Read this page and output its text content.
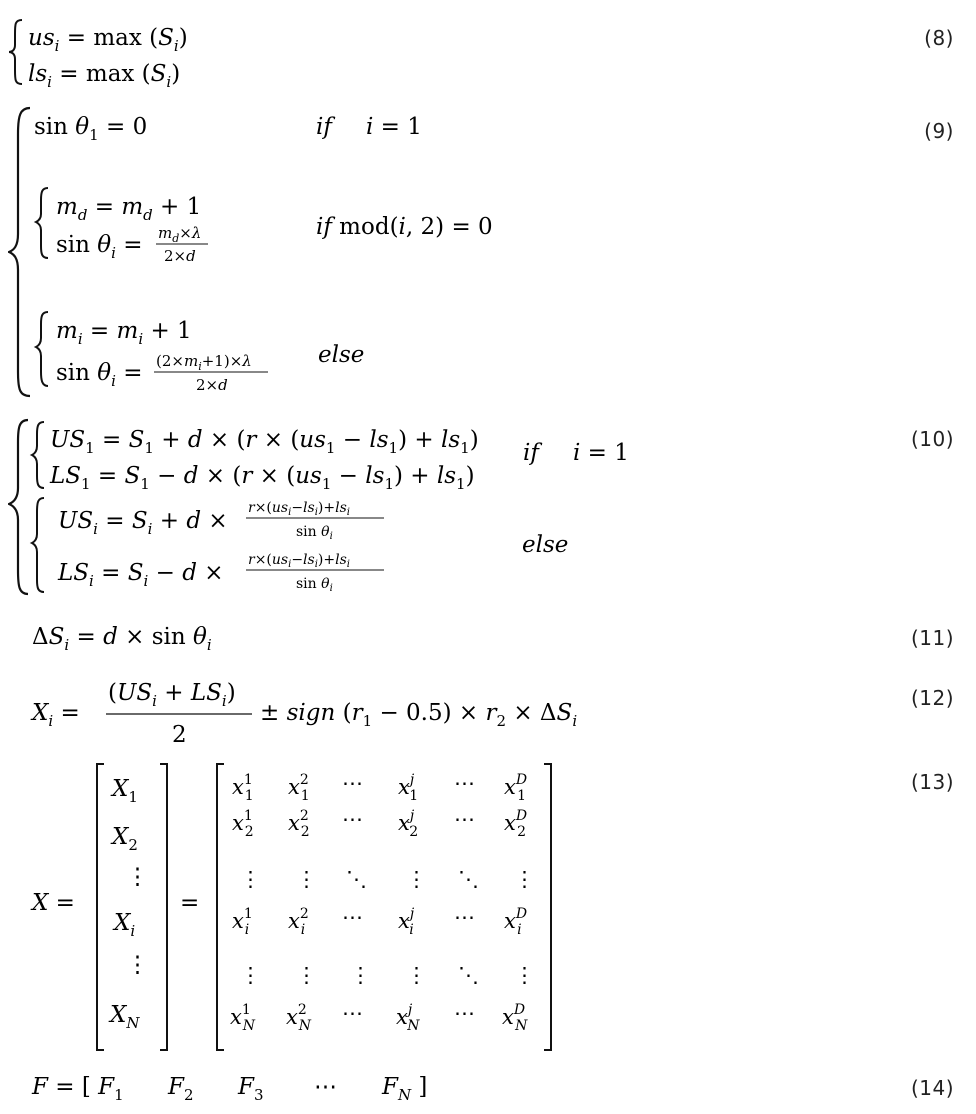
(8)
(9)
(10)
(11)
(12)
(13)
(14)
$us_i = \max (S_i)$
$ls_i = \max (S_i)$
$\sin \theta_1 = 0$	if i = 1
$m_d = m_d + 1$
$\sin \theta_i = m_d\times\lambda$
2×d
if mod(i, 2) = 0
$m_i = m_i + 1$
$\sin \theta_i = (2\times m_i+1)\times\lambda$
2×d
else
$US_1 = S_1 + d \times (r \times (us_1 - ls_1) + ls_1)$
$LS_1 = S_1 - d \times (r \times (us_1 - ls_1) + ls_1)$
if i = 1
$US_i = S_i + d \times r\times(us_i-ls_i)+ls_i$
$\sin \theta_i$
$LS_i = S_i - d \times r\times(us_i-ls_i)+ls_i$
$\sin \theta_i$
else
$\Delta S_i = d \times \sin \theta_i$
$X_i$ =
$(US_i + LS_i)$
2
± sign $(r_1 - 0.5) \times r_2 \times \Delta S_i$
X =
$X_1$
$X_2$
⋮
$X_i$
⋮
$X_N$
=
$x^1$ 1 $x^2$ 1
⋯ $x^j$ 1
⋯ $x^D$ 1
$x^1$ 2 $x^2$ 2
⋯ $x^j$ 2
⋯ $x^D$ 2
⋮ ⋮ ⋱ ⋮ ⋱ ⋮
$x^1$ i $x^2$ i
⋯ $x^j$ i
⋯ $x^D$ i
⋮ ⋮ ⋮ ⋮ ⋱ ⋮
$x^1$ N $x^2$ N
⋯ $x^j$ N
⋯ $x^D$ N
F = [ $F_1$ $F_2$ $F_3$ ⋯ $F_N$ ]
